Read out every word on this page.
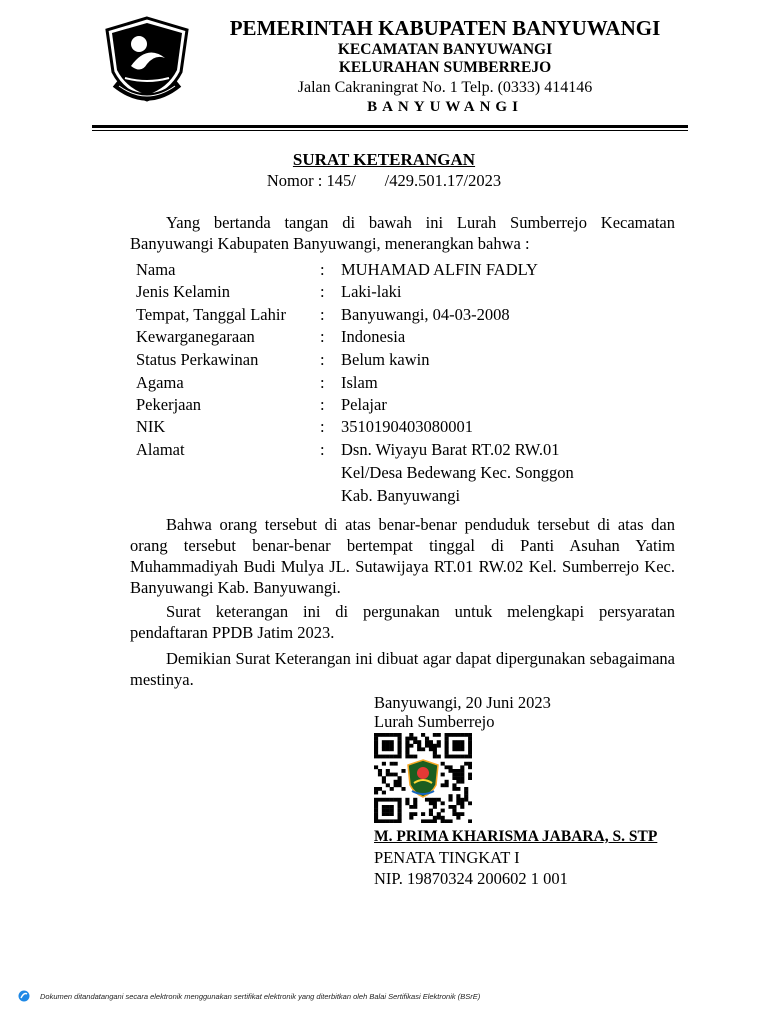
PEMERINTAH KABUPATEN BANYUWANGI
KECAMATAN BANYUWANGI
KELURAHAN SUMBERREJO
Jalan Cakraningrat No. 1 Telp. (0333) 414146
BANYUWANGI
SURAT KETERANGAN
Nomor : 145/       /429.501.17/2023
Yang bertanda tangan di bawah ini Lurah Sumberrejo Kecamatan Banyuwangi Kabupaten Banyuwangi, menerangkan bahwa :
Nama	: MUHAMAD ALFIN FADLY
Jenis Kelamin	: Laki-laki
Tempat, Tanggal Lahir : Banyuwangi, 04-03-2008
Kewarganegaraan	: Indonesia
Status Perkawinan	: Belum kawin
Agama	: Islam
Pekerjaan	: Pelajar
NIK	: 3510190403080001
Alamat	: Dsn. Wiyayu Barat RT.02 RW.01
Kel/Desa Bedewang Kec. Songgon
Kab. Banyuwangi
Bahwa orang tersebut di atas benar-benar penduduk tersebut di atas dan orang tersebut benar-benar bertempat tinggal di Panti Asuhan Yatim Muhammadiyah Budi Mulya JL. Sutawijaya RT.01 RW.02 Kel. Sumberrejo Kec. Banyuwangi Kab. Banyuwangi.
Surat keterangan ini di pergunakan untuk melengkapi persyaratan pendaftaran PPDB Jatim 2023.
Demikian Surat Keterangan ini dibuat agar dapat dipergunakan sebagaimana mestinya.
Banyuwangi, 20 Juni 2023
Lurah Sumberrejo
M. PRIMA KHARISMA JABARA, S. STP
PENATA TINGKAT I
NIP. 19870324 200602 1 001
Dokumen ditandatangani secara elektronik menggunakan sertifikat elektronik yang diterbitkan oleh Balai Sertifikasi Elektronik (BSrE)
